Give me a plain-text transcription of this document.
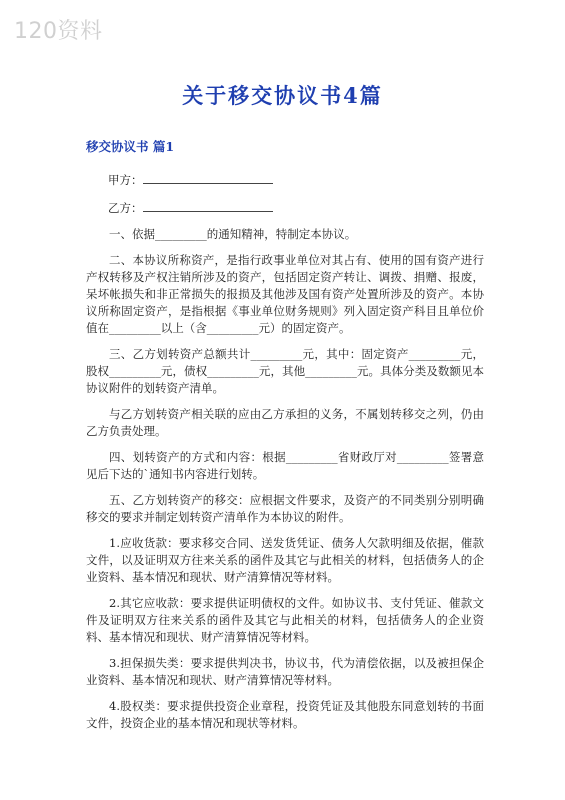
120资料
关于移交协议书4篇
移交协议书 篇1
甲方：
乙方：

一、依据_________的通知精神，特制定本协议。

二、本协议所称资产，是指行政事业单位对其占有、使用的国有资产进行产权转移及产权注销所涉及的资产，包括固定资产转让、调拨、捐赠、报废，呆坏帐损失和非正常损失的报损及其他涉及国有资产处置所涉及的资产。本协议所称固定资产，是指根据《事业单位财务规则》列入固定资产科目且单位价值在_________以上（含_________元）的固定资产。

三、乙方划转资产总额共计_________元，其中：固定资产_________元，股权_________元，债权_________元，其他_________元。具体分类及数额见本协议附件的划转资产清单。

与乙方划转资产相关联的应由乙方承担的义务，不属划转移交之列，仍由乙方负责处理。

四、划转资产的方式和内容：根据_________省财政厅对_________签署意见后下达的`通知书内容进行划转。

五、乙方划转资产的移交：应根据文件要求，及资产的不同类别分别明确移交的要求并制定划转资产清单作为本协议的附件。

1.应收货款：要求移交合同、送发货凭证、债务人欠款明细及依据，催款文件，以及证明双方往来关系的函件及其它与此相关的材料，包括债务人的企业资料、基本情况和现状、财产清算情况等材料。

2.其它应收款：要求提供证明债权的文件。如协议书、支付凭证、催款文件及证明双方往来关系的函件及其它与此相关的材料，包括债务人的企业资料、基本情况和现状、财产清算情况等材料。

3.担保损失类：要求提供判决书，协议书，代为清偿依据，以及被担保企业资料、基本情况和现状、财产清算情况等材料。

4.股权类：要求提供投资企业章程，投资凭证及其他股东同意划转的书面文件，投资企业的基本情况和现状等材料。
